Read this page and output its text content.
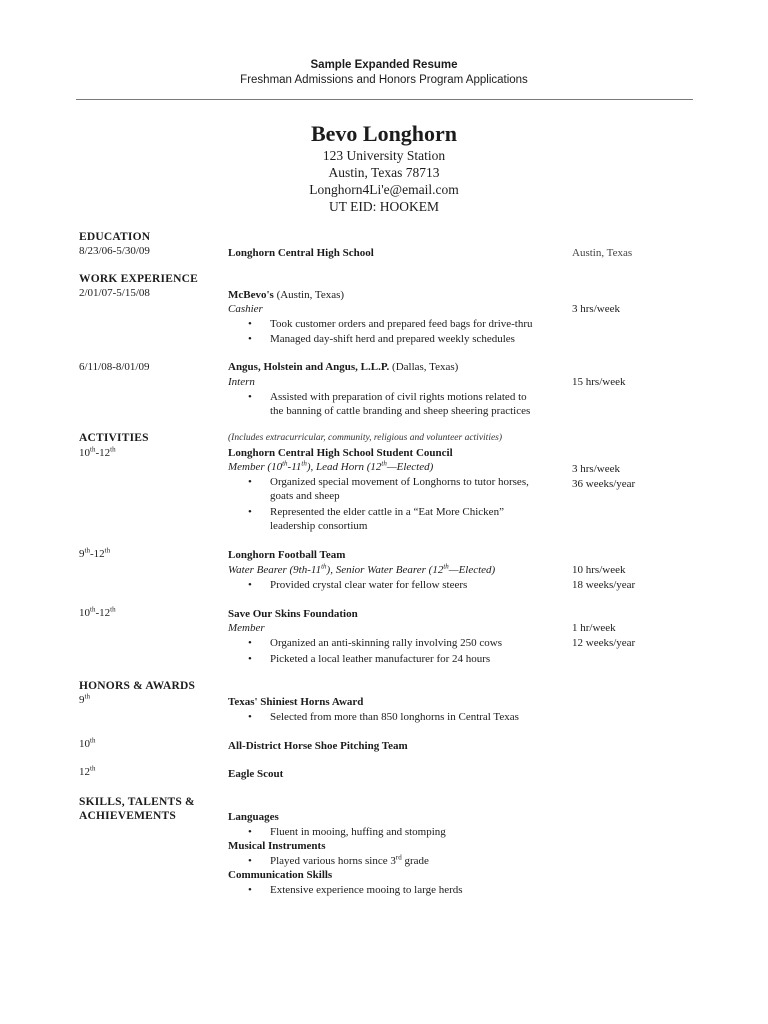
Sample Expanded Resume
Freshman Admissions and Honors Program Applications
Bevo Longhorn
123 University Station
Austin, Texas 78713
Longhorn4Li'e@email.com
UT EID: HOOKEM
EDUCATION
8/23/06-5/30/09	Longhorn Central High School	Austin, Texas
WORK EXPERIENCE
2/01/07-5/15/08	McBevo's (Austin, Texas)
Cashier	3 hrs/week
• Took customer orders and prepared feed bags for drive-thru
• Managed day-shift herd and prepared weekly schedules
6/11/08-8/01/09	Angus, Holstein and Angus, L.L.P. (Dallas, Texas)
Intern	15 hrs/week
• Assisted with preparation of civil rights motions related to
the banning of cattle branding and sheep sheering practices
ACTIVITIES	(Includes extracurricular, community, religious and volunteer activities)
10th-12th	Longhorn Central High School Student Council
Member (10th-11th), Lead Horn (12th—Elected)	3 hrs/week
36 weeks/year
• Organized special movement of Longhorns to tutor horses,
goats and sheep
• Represented the elder cattle in a “Eat More Chicken”
leadership consortium
9th-12th	Longhorn Football Team
Water Bearer (9th-11th), Senior Water Bearer (12th—Elected)	10 hrs/week
18 weeks/year
• Provided crystal clear water for fellow steers
10th-12th	Save Our Skins Foundation
Member	1 hr/week
12 weeks/year
• Organized an anti-skinning rally involving 250 cows
• Picketed a local leather manufacturer for 24 hours
HONORS & AWARDS
9th	Texas' Shiniest Horns Award
• Selected from more than 850 longhorns in Central Texas
10th	All-District Horse Shoe Pitching Team
12th	Eagle Scout
SKILLS, TALENTS &
ACHIEVEMENTS	Languages
• Fluent in mooing, huffing and stomping
Musical Instruments
• Played various horns since 3rd grade
Communication Skills
• Extensive experience mooing to large herds
